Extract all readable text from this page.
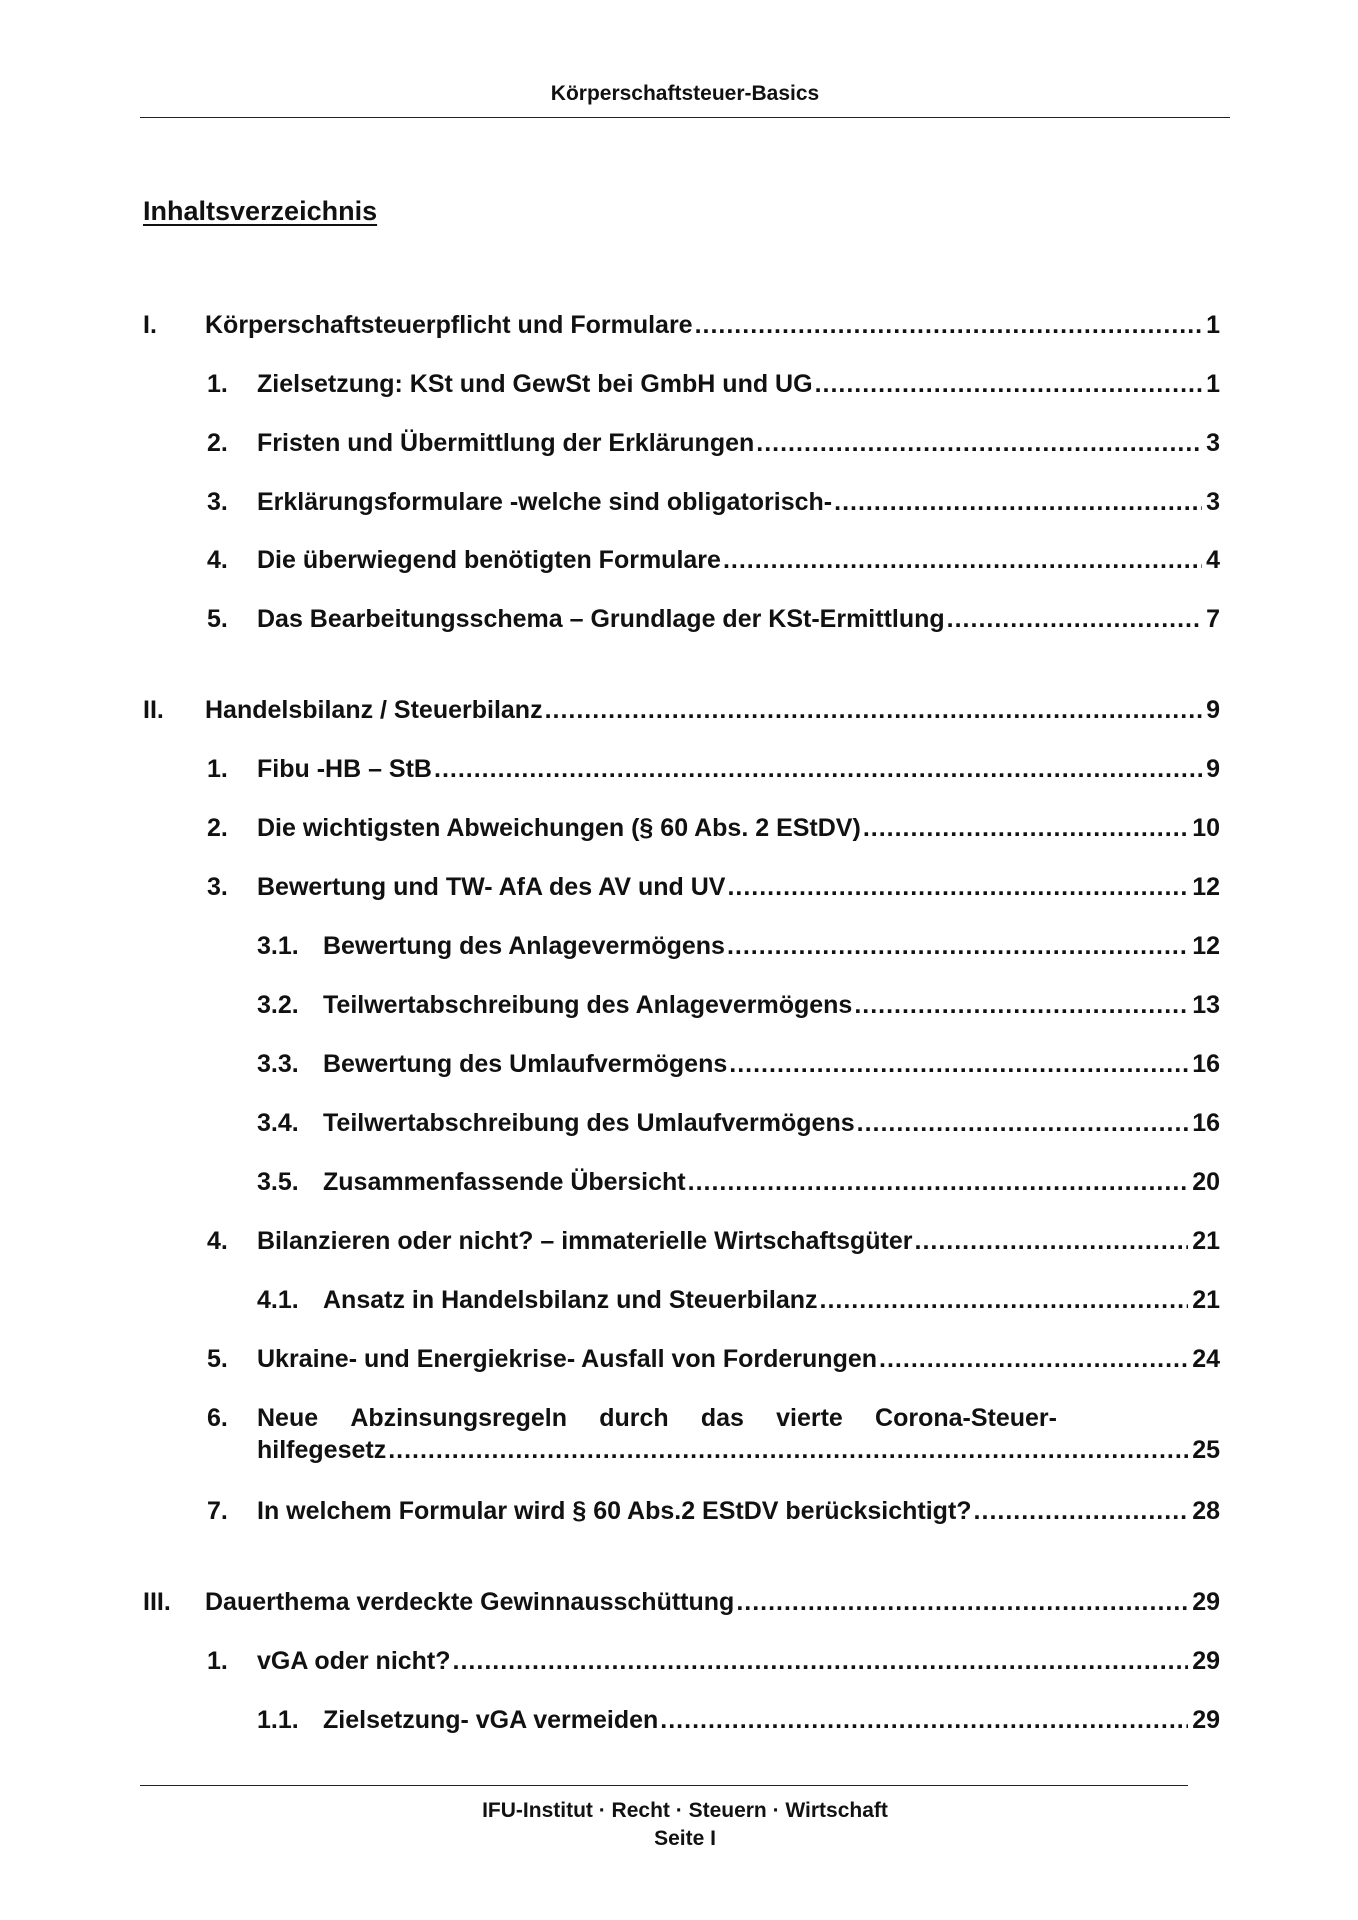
Körperschaftsteuer-Basics
Inhaltsverzeichnis
I. Körperschaftsteuerpflicht und Formulare .....	1
1. Zielsetzung: KSt und GewSt bei GmbH und UG .....	1
2. Fristen und Übermittlung der Erklärungen .....	3
3. Erklärungsformulare -welche sind obligatorisch- .....	3
4. Die überwiegend benötigten Formulare .....	4
5. Das Bearbeitungsschema – Grundlage der KSt-Ermittlung .....	7
II. Handelsbilanz / Steuerbilanz .....	9
1. Fibu -HB – StB .....	9
2. Die wichtigsten Abweichungen (§ 60 Abs. 2 EStDV) .....	10
3. Bewertung und TW- AfA des AV und UV .....	12
3.1. Bewertung des Anlagevermögens .....	12
3.2. Teilwertabschreibung des Anlagevermögens .....	13
3.3. Bewertung des Umlaufvermögens .....	16
3.4. Teilwertabschreibung des Umlaufvermögens .....	16
3.5. Zusammenfassende Übersicht .....	20
4. Bilanzieren oder nicht? – immaterielle Wirtschaftsgüter .....	21
4.1. Ansatz in Handelsbilanz und Steuerbilanz .....	21
5. Ukraine- und Energiekrise- Ausfall von Forderungen .....	24
6. Neue Abzinsungsregeln durch das vierte Corona-Steuer-
hilfegesetz .....	25
7. In welchem Formular wird § 60 Abs.2 EStDV berücksichtigt? .....	28
III. Dauerthema verdeckte Gewinnausschüttung .....	29
1. vGA oder nicht? .....	29
1.1. Zielsetzung- vGA vermeiden .....	29
IFU-Institut · Recht · Steuern · Wirtschaft
Seite I
